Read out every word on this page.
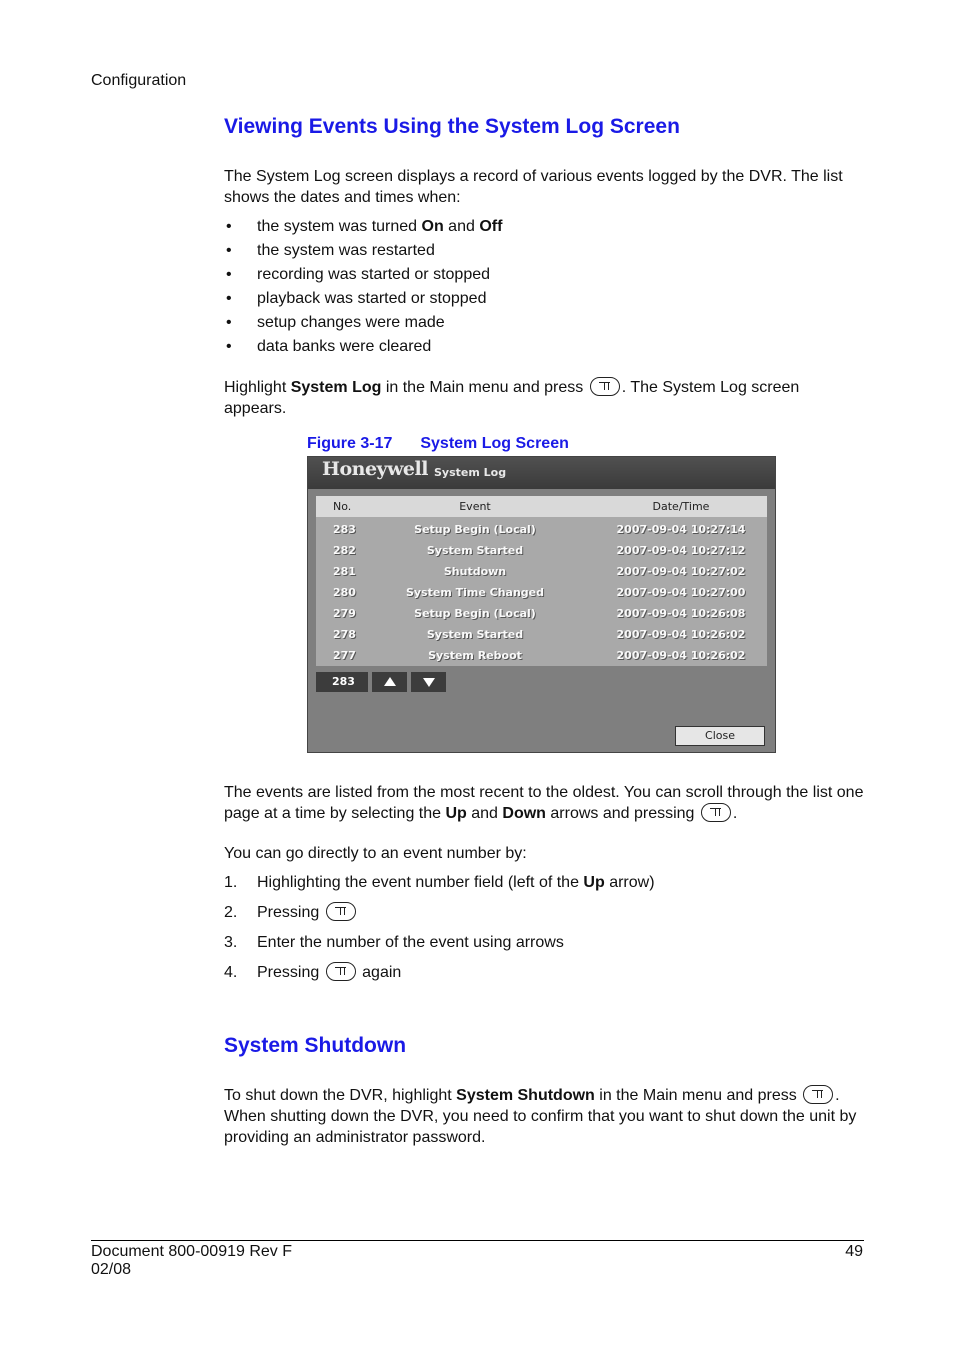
Configuration
Viewing Events Using the System Log Screen
The System Log screen displays a record of various events logged by the DVR. The list shows the dates and times when:
• the system was turned On and Off
• the system was restarted
• recording was started or stopped
• playback was started or stopped
• setup changes were made
• data banks were cleared
Highlight System Log in the Main menu and press . The System Log screen appears.
Figure 3-17 System Log Screen
Honeywell System Log
No.	Event	Date/Time
283	Setup Begin (Local)	2007-09-04 10:27:14
282	System Started	2007-09-04 10:27:12
281	Shutdown	2007-09-04 10:27:02
280	System Time Changed	2007-09-04 10:27:00
279	Setup Begin (Local)	2007-09-04 10:26:08
278	System Started	2007-09-04 10:26:02
277	System Reboot	2007-09-04 10:26:02
283
Close
The events are listed from the most recent to the oldest. You can scroll through the list one page at a time by selecting the Up and Down arrows and pressing .
You can go directly to an event number by:
1. Highlighting the event number field (left of the Up arrow)
2. Pressing
3. Enter the number of the event using arrows
4. Pressing  again
System Shutdown
To shut down the DVR, highlight System Shutdown in the Main menu and press . When shutting down the DVR, you need to confirm that you want to shut down the unit by providing an administrator password.
Document 800-00919 Rev F
02/08
49
